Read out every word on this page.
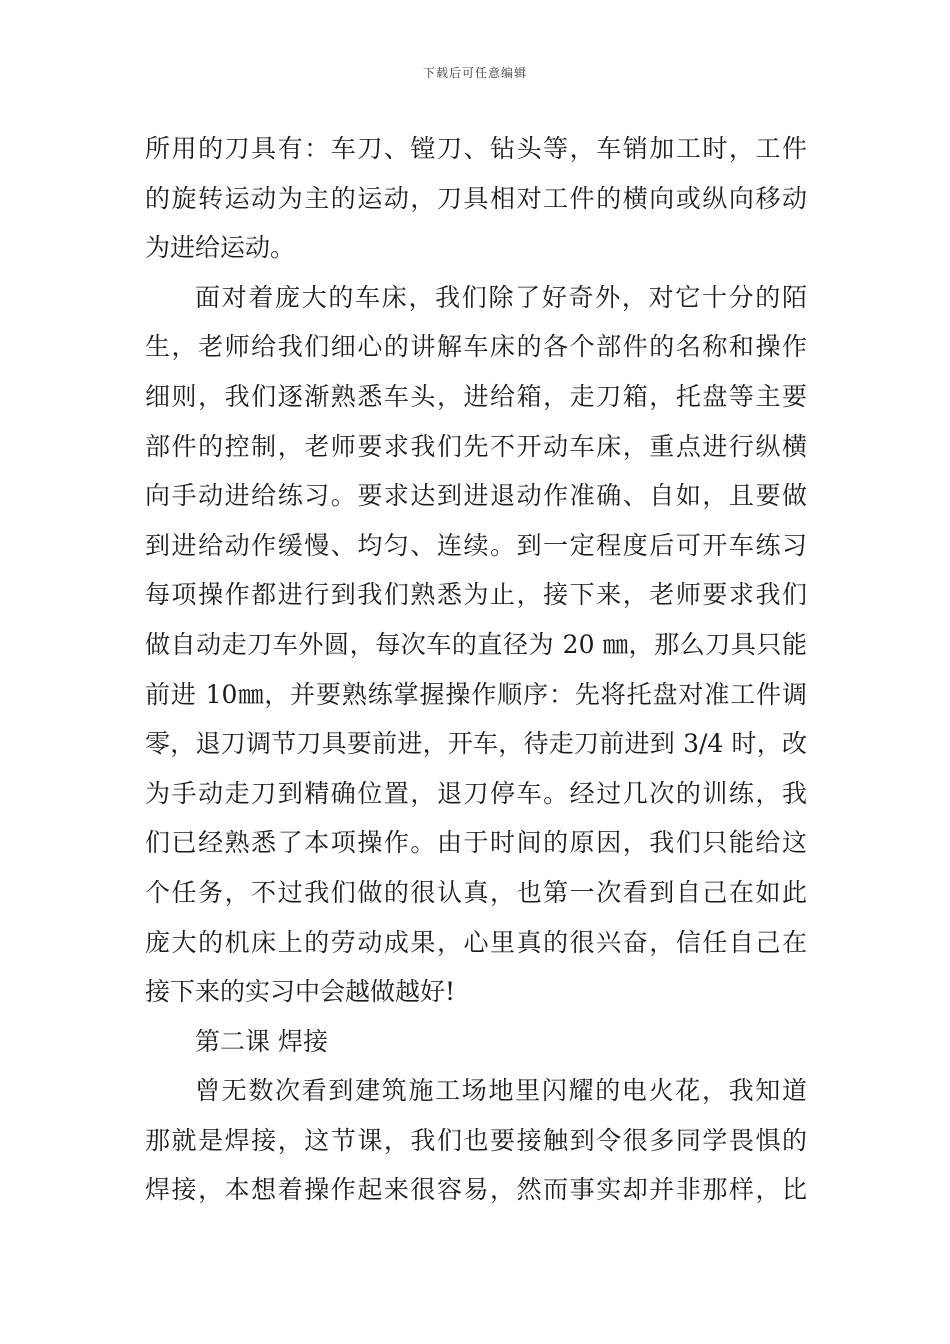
下载后可任意编辑
所用的刀具有：车刀、镗刀、钻头等，车销加工时，工件
的旋转运动为主的运动，刀具相对工件的横向或纵向移动
为进给运动。
面对着庞大的车床，我们除了好奇外，对它十分的陌
生，老师给我们细心的讲解车床的各个部件的名称和操作
细则，我们逐渐熟悉车头，进给箱，走刀箱，托盘等主要
部件的控制，老师要求我们先不开动车床，重点进行纵横
向手动进给练习。要求达到进退动作准确、自如，且要做
到进给动作缓慢、均匀、连续。到一定程度后可开车练习
每项操作都进行到我们熟悉为止，接下来，老师要求我们
做自动走刀车外圆，每次车的直径为 20 ㎜，那么刀具只能
前进 10㎜，并要熟练掌握操作顺序：先将托盘对准工件调
零，退刀调节刀具要前进，开车，待走刀前进到 3/4 时，改
为手动走刀到精确位置，退刀停车。经过几次的训练，我
们已经熟悉了本项操作。由于时间的原因，我们只能给这
个任务，不过我们做的很认真，也第一次看到自己在如此
庞大的机床上的劳动成果，心里真的很兴奋，信任自己在
接下来的实习中会越做越好!
第二课 焊接
曾无数次看到建筑施工场地里闪耀的电火花，我知道
那就是焊接，这节课，我们也要接触到令很多同学畏惧的
焊接，本想着操作起来很容易，然而事实却并非那样，比
